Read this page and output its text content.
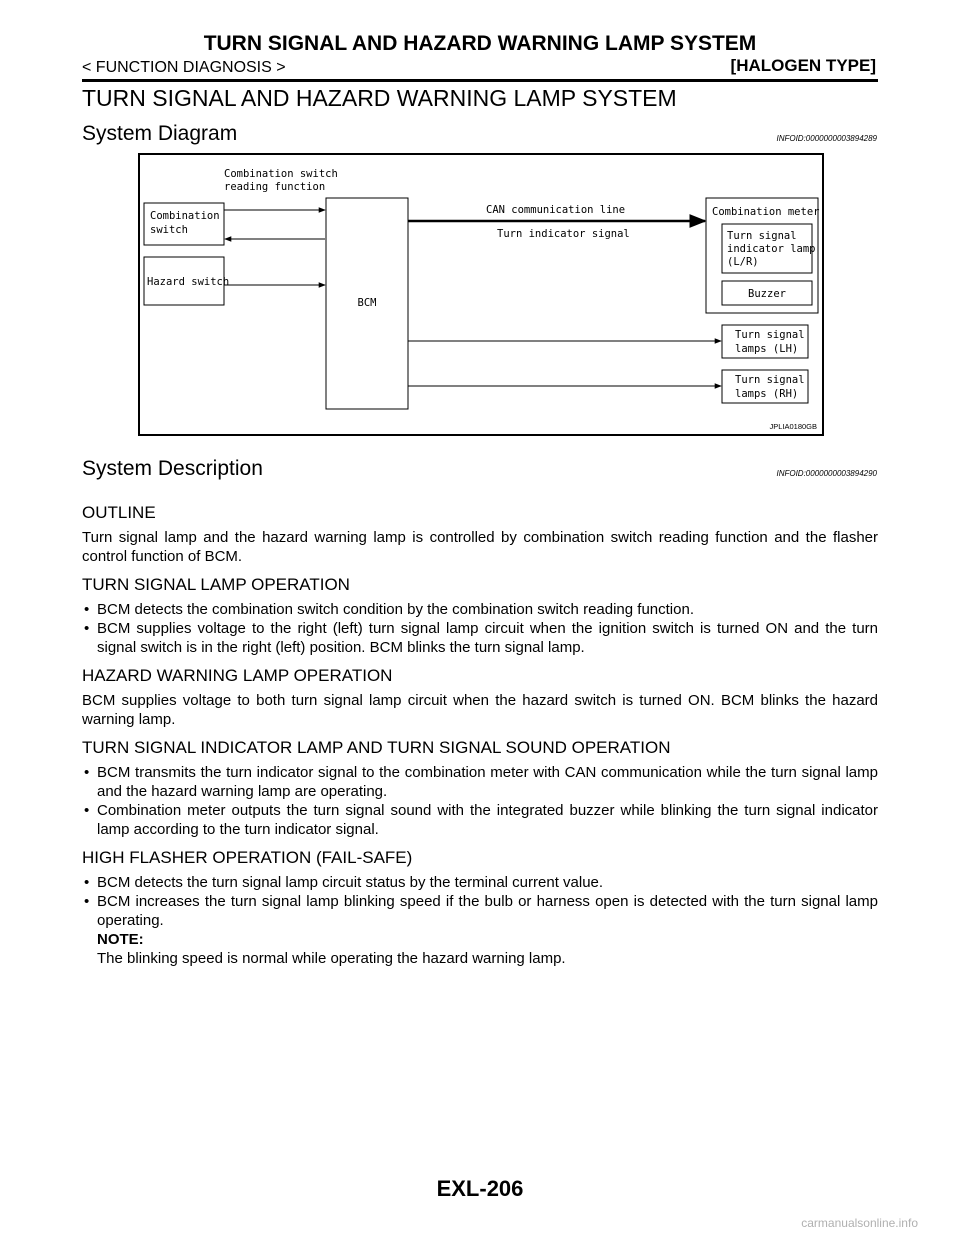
TURN SIGNAL AND HAZARD WARNING LAMP SYSTEM
< FUNCTION DIAGNOSIS >	[HALOGEN TYPE]
TURN SIGNAL AND HAZARD WARNING LAMP SYSTEM
System Diagram	INFOID:0000000003894289
Combination
switch
Hazard switch
Combination switch
reading function
BCM
CAN communication line
Turn indicator signal
Combination meter
Turn signal
indicator lamp
(L/R)
Buzzer
Turn signal
lamps (LH)
Turn signal
lamps (RH)
JPLIA0180GB
System Description	INFOID:0000000003894290
OUTLINE

Turn signal lamp and the hazard warning lamp is controlled by combination switch reading function and the flasher control function of BCM.

TURN SIGNAL LAMP OPERATION
• BCM detects the combination switch condition by the combination switch reading function.
• BCM supplies voltage to the right (left) turn signal lamp circuit when the ignition switch is turned ON and the turn signal switch is in the right (left) position. BCM blinks the turn signal lamp.
HAZARD WARNING LAMP OPERATION

BCM supplies voltage to both turn signal lamp circuit when the hazard switch is turned ON. BCM blinks the hazard warning lamp.

TURN SIGNAL INDICATOR LAMP AND TURN SIGNAL SOUND OPERATION
• BCM transmits the turn indicator signal to the combination meter with CAN communication while the turn signal lamp and the hazard warning lamp are operating.
• Combination meter outputs the turn signal sound with the integrated buzzer while blinking the turn signal indicator lamp according to the turn indicator signal.
HIGH FLASHER OPERATION (FAIL-SAFE)
• BCM detects the turn signal lamp circuit status by the terminal current value.
• BCM increases the turn signal lamp blinking speed if the bulb or harness open is detected with the turn signal lamp operating.
NOTE:
The blinking speed is normal while operating the hazard warning lamp.
EXL-206
carmanualsonline.info
